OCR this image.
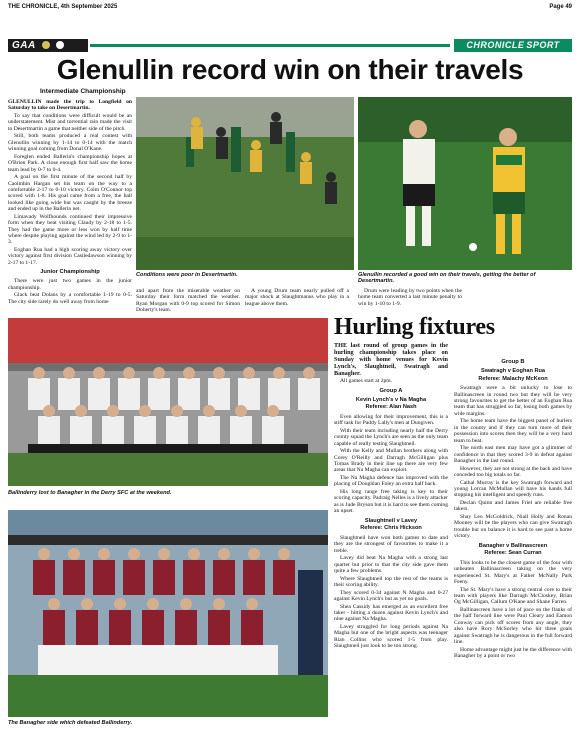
THE CHRONICLE, 4th September 2025	Page 49
GAA	CHRONICLE SPORT
Glenullin record win on their travels
Intermediate Championship

GLENULLIN made the trip to Longfield on Saturday to take on Desertmartin.

To say that conditions were difficult would be an understatement. Mist and torrential rain made the visit to Desertmartin a game that neither side of the pitch.

Still, both teams produced a real contest with Glenullin winning by 1-14 to 0-14 with the match winning goal coming from Donal O'Kane.

Foreglen ended Ballerin's championship hopes at O'Brien Park. A close enough first half saw the home team lead by 0-7 to 0-4.

A goal on the first minute of the second half by Caoimhin Hargan set his team on the way to a comfortable 2-17 to 0-10 victory. Colm O'Connor top scored with 1-8. His goal came from a free, the ball looked like going wide but was caught by the breeze and ended up in the Ballerin net.

Limavady Wolfhounds continued their impressive form when they beat visiting Claudy by 2-18 to 1-5. They had the game more or less won by half time where despite playing against the wind led by 2-9 to 1-3.

Eoghan Rua had a high scoring away victory over victory against first division Castledawson winning by 2-17 to 1-17.

Junior Championship

There were just two games in the junior championship.

Glack beat Dolans by a comfortable 1-19 to 0-5. The city side rarely do well away from home

Conditions were poor in Desertmartin.	Glenullin recorded a good win on their travels, getting the better of Desertmartin.

and apart from the miserable weather on Saturday their form matched the weather. Ryan Morgan with 0-9 top scored for Simon Doherty's team.

A young Drum team nearly pulled off a major shock at Slaughtmanus who play in a league above them.

Drum were leading by two points when the home team converted a last minute penalty to win by 1-10 to 1-9.

Ballinderry lost to Banagher in the Derry SFC at the weekend.
The Banagher side which defeated Ballinderry.
Hurling fixtures

THE last round of group games in the hurling championship takes place on Sunday with home venues for Kevin Lynch's, Slaughtneil, Swatragh and Banagher.

All games start at 2pm.

Group A

Kevin Lynch's v Na Magha

Referee: Alan Nash

Even allowing for their improvement, this is a stiff task for Paddy Lally's men at Dungiven.

With their team including nearly half the Derry county squad the Lynch's are seen as the only team capable of really testing Slaughtneil.

With the Kelly and Mullan brothers along with Corey O'Reilly and Darragh McGilligan plus Tomas Brady in their line up there are very few areas that Na Magha can exploit.

The Na Magha defence has improved with the placing of Doughlan Foley an extra half back.

His long range free taking is key to their scoring capacity. Padraig Nelles is a lively attacker as is Jude Bryson but it is hard to see them coming an upset.

Slaughtneil v Lavey

Referee: Chris Hickson

Slaughtneil have won both games to date and they are the strongest of favourites to make it a treble.

Lavey did beat Na Magha with a strong last quarter but prior to that the city side gave them quite a few problems.

Where Slaughtneil top the rest of the teams is their scoring ability.

They scored 0-34 against N Magha and 0-27 against Kevin Lynch's but as yet no goals.

Shea Cassidy has emerged as an excellent free taker - hitting a dozen against Kevin Lynch's and nine against Na Magha.

Lavey struggled for long periods against Na Magha but one of the bright aspects was teenager Rian Collins who scored 1-5 from play. Slaughtneil just look to be too strong.

Group B

Swatragh v Eoghan Rua

Referee: Malachy McKeon

Swatragh were a bit unlucky to lose to Ballinascreen in round two but they will be very strong favourites to get the better of an Eoghan Rua team that has struggled so far, losing both games by wide margins.

The home team have the biggest panel of hurlers in the county and if they can turn more of their possession into scores then they will be a very hard team to beat.

The north east men may have got a glimmer of confidence in that they scored 3-9 in defeat against Banagher in the last round.

However, they are not strong at the back and have conceded too big totals so far.

Cathal Murray is the key Swatragh forward and young Lorcan McMullan will have his hands full stopping his intelligent and speedy runs.

Declan Quinn and James Friel are reliable free takers.

Shay Leo McGoldrick, Niall Holly and Ronan Mooney will be the players who can give Swatragh trouble but on balance it is hard to see past a home victory.

Banagher v Ballinascreen

Referee: Sean Curran

This looks to be the closest game of the four with unbeaten Ballinascreen taking on the very experienced St. Mary's at Father McNally Park Feeny.

The St. Mary's have a strong central core to their team with players like Darragh McCloskey, Brian Og McGilligan, Callum O'Kane and Shane Farren.

Ballinascreen have a lot of pace on the flanks of the half forward line were Paul Cleary and Eamon Conway can pick off scores from any angle, they also have Rory McSorley who hit three goals against Swatragh he is dangerous in the full forward line.

Home advantage might just be the difference with Banagher by a point or two
